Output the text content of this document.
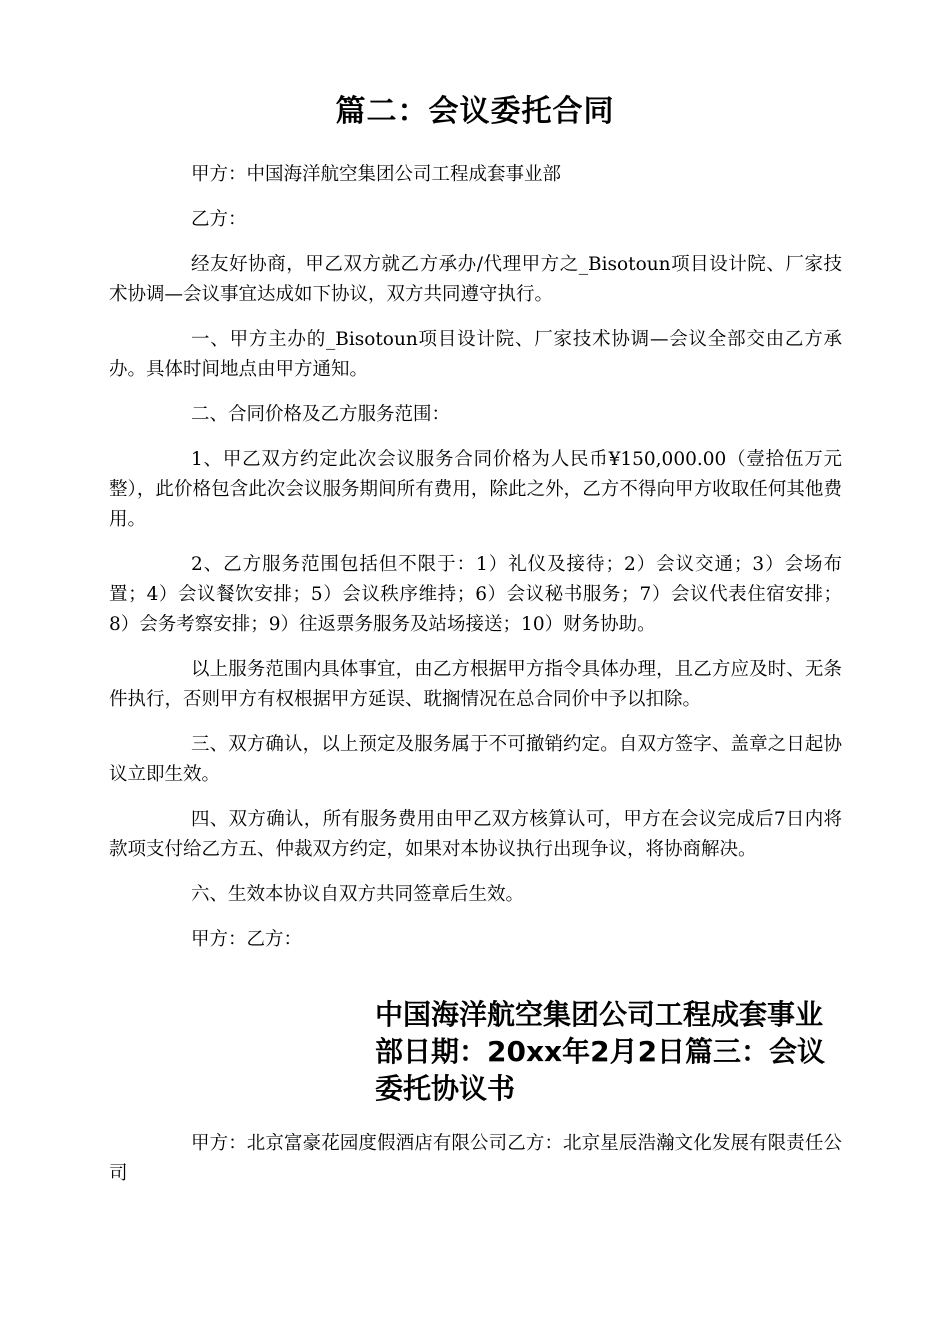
篇二：会议委托合同

甲方：中国海洋航空集团公司工程成套事业部

乙方：

经友好协商，甲乙双方就乙方承办/代理甲方之_Bisotoun项目设计院、厂家技术协调—会议事宜达成如下协议，双方共同遵守执行。

一、甲方主办的_Bisotoun项目设计院、厂家技术协调—会议全部交由乙方承办。具体时间地点由甲方通知。

二、合同价格及乙方服务范围：

1、甲乙双方约定此次会议服务合同价格为人民币¥150,000.00（壹拾伍万元整），此价格包含此次会议服务期间所有费用，除此之外，乙方不得向甲方收取任何其他费用。

2、乙方服务范围包括但不限于：1）礼仪及接待；2）会议交通；3）会场布置；4）会议餐饮安排；5）会议秩序维持；6）会议秘书服务；7）会议代表住宿安排；8）会务考察安排；9）往返票务服务及站场接送；10）财务协助。

以上服务范围内具体事宜，由乙方根据甲方指令具体办理，且乙方应及时、无条件执行，否则甲方有权根据甲方延误、耽搁情况在总合同价中予以扣除。

三、双方确认，以上预定及服务属于不可撤销约定。自双方签字、盖章之日起协议立即生效。

四、双方确认，所有服务费用由甲乙双方核算认可，甲方在会议完成后7日内将款项支付给乙方五、仲裁双方约定，如果对本协议执行出现争议，将协商解决。

六、生效本协议自双方共同签章后生效。

甲方：乙方：

中国海洋航空集团公司工程成套事业部日期：20xx年2月2日篇三：会议委托协议书

甲方：北京富豪花园度假酒店有限公司乙方：北京星辰浩瀚文化发展有限责任公司
